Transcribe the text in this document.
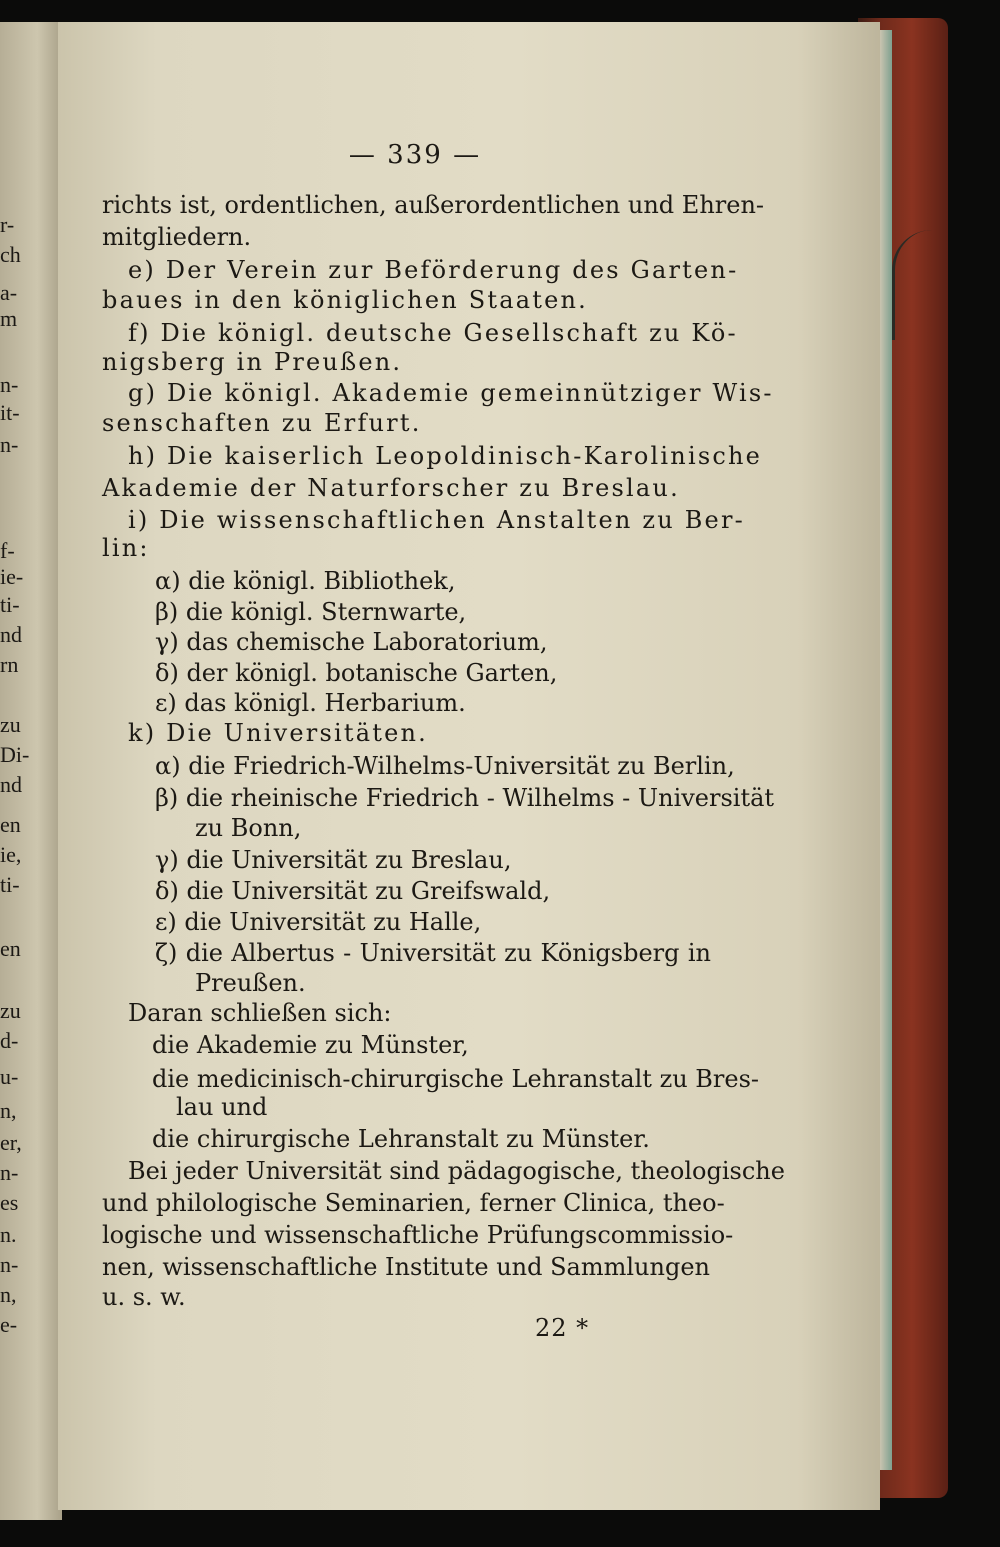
— 339 —
richts ist, ordentlichen, außerordentlichen und Ehren-
mitgliedern.
e) Der Verein zur Beförderung des Garten-
baues in den königlichen Staaten.
f) Die königl. deutsche Gesellschaft zu Kö-
nigsberg in Preußen.
g) Die königl. Akademie gemeinnütziger Wis-
senschaften zu Erfurt.
h) Die kaiserlich Leopoldinisch-Karolinische
Akademie der Naturforscher zu Breslau.
i) Die wissenschaftlichen Anstalten zu Ber-
lin:
α) die königl. Bibliothek,
β) die königl. Sternwarte,
γ) das chemische Laboratorium,
δ) der königl. botanische Garten,
ε) das königl. Herbarium.
k) Die Universitäten.
α) die Friedrich-Wilhelms-Universität zu Berlin,
β) die rheinische Friedrich - Wilhelms - Universität
zu Bonn,
γ) die Universität zu Breslau,
δ) die Universität zu Greifswald,
ε) die Universität zu Halle,
ζ) die Albertus - Universität zu Königsberg in
Preußen.
Daran schließen sich:
die Akademie zu Münster,
die medicinisch-chirurgische Lehranstalt zu Bres-
lau und
die chirurgische Lehranstalt zu Münster.
Bei jeder Universität sind pädagogische, theologische
und philologische Seminarien, ferner Clinica, theo-
logische und wissenschaftliche Prüfungscommissio-
nen, wissenschaftliche Institute und Sammlungen
u. s. w.
22 *
r-
ch
a-
m
n-
it-
n-
f-
ie-
ti-
nd
rn
zu
Di-
nd
en
ie,
ti-
en
zu
d-
u-
n,
er,
n-
es
n.
n-
n,
e-
